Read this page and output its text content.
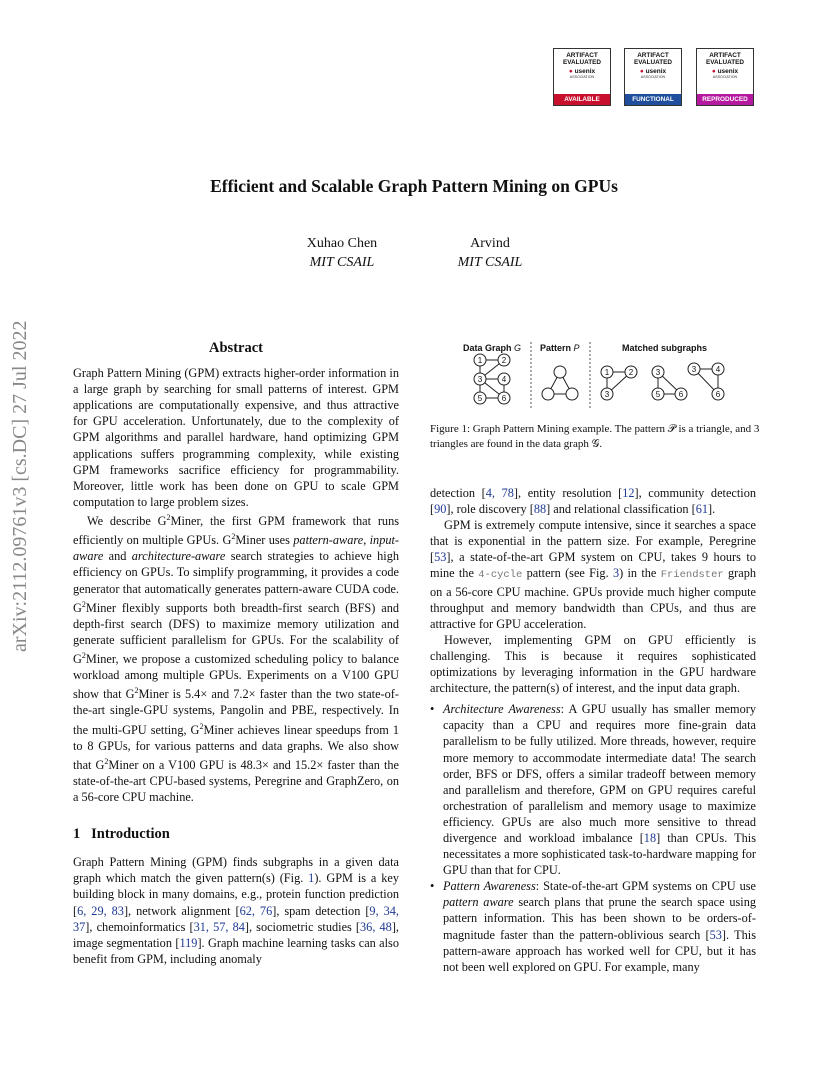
ARTIFACT
EVALUATED
● usenix
ASSOCIATION
AVAILABLE
ARTIFACT
EVALUATED
● usenix
ASSOCIATION
FUNCTIONAL
ARTIFACT
EVALUATED
● usenix
ASSOCIATION
REPRODUCED
arXiv:2112.09761v3 [cs.DC] 27 Jul 2022
Efficient and Scalable Graph Pattern Mining on GPUs
Xuhao Chen
MIT CSAIL
Arvind
MIT CSAIL
Abstract

Graph Pattern Mining (GPM) extracts higher-order information in a large graph by searching for small patterns of interest. GPM applications are computationally expensive, and thus attractive for GPU acceleration. Unfortunately, due to the complexity of GPM algorithms and parallel hardware, hand optimizing GPM applications suffers programming complexity, while existing GPM frameworks sacrifice efficiency for programmability. Moreover, little work has been done on GPU to scale GPM computation to large problem sizes.

We describe $G^2Miner$, the first GPM framework that runs efficiently on multiple GPUs. $G^2Miner$ uses pattern-aware, input-aware and architecture-aware search strategies to achieve high efficiency on GPUs. To simplify programming, it provides a code generator that automatically generates pattern-aware CUDA code. $G^2Miner$ flexibly supports both breadth-first search (BFS) and depth-first search (DFS) to maximize memory utilization and generate sufficient parallelism for GPUs. For the scalability of $G^2Miner$, we propose a customized scheduling policy to balance workload among multiple GPUs. Experiments on a V100 GPU show that $G^2Miner$ is 5.4× and 7.2× faster than the two state-of-the-art single-GPU systems, Pangolin and PBE, respectively. In the multi-GPU setting, $G^2Miner$ achieves linear speedups from 1 to 8 GPUs, for various patterns and data graphs. We also show that $G^2Miner$ on a V100 GPU is 48.3× and 15.2× faster than the state-of-the-art CPU-based systems, Peregrine and GraphZero, on a 56-core CPU machine.

1 Introduction

Graph Pattern Mining (GPM) finds subgraphs in a given data graph which match the given pattern(s) (Fig. 1). GPM is a key building block in many domains, e.g., protein function prediction [6, 29, 83], network alignment [62, 76], spam detection [9, 34, 37], chemoinformatics [31, 57, 84], sociometric studies [36, 48], image segmentation [119]. Graph machine learning tasks can also benefit from GPM, including anomaly

Data Graph G Pattern P	Matched subgraphs
1 2
3 4
5 6
1 2
3
3
5 6
3 4
6
Figure 1: Graph Pattern Mining example. The pattern 𝒫 is a triangle, and 3 triangles are found in the data graph 𝒢.

detection [4, 78], entity resolution [12], community detection [90], role discovery [88] and relational classification [61].

GPM is extremely compute intensive, since it searches a space that is exponential in the pattern size. For example, Peregrine [53], a state-of-the-art GPM system on CPU, takes 9 hours to mine the 4-cycle pattern (see Fig. 3) in the Friendster graph on a 56-core CPU machine. GPUs provide much higher compute throughput and memory bandwidth than CPUs, and thus are attractive for GPU acceleration.

However, implementing GPM on GPU efficiently is challenging. This is because it requires sophisticated optimizations by leveraging information in the GPU hardware architecture, the pattern(s) of interest, and the input data graph.

• Architecture Awareness: A GPU usually has smaller memory capacity than a CPU and requires more fine-grain data parallelism to be fully utilized. More threads, however, require more memory to accommodate intermediate data! The search order, BFS or DFS, offers a similar tradeoff between memory and parallelism and therefore, GPM on GPU requires careful orchestration of parallelism and memory usage to maximize efficiency. GPUs are also much more sensitive to thread divergence and workload imbalance [18] than CPUs. This necessitates a more sophisticated task-to-hardware mapping for GPU than that for CPU.
• Pattern Awareness: State-of-the-art GPM systems on CPU use pattern aware search plans that prune the search space using pattern information. This has been shown to be orders-of-magnitude faster than the pattern-oblivious search [53]. This pattern-aware approach has worked well for CPU, but it has not been well explored on GPU. For example, many
